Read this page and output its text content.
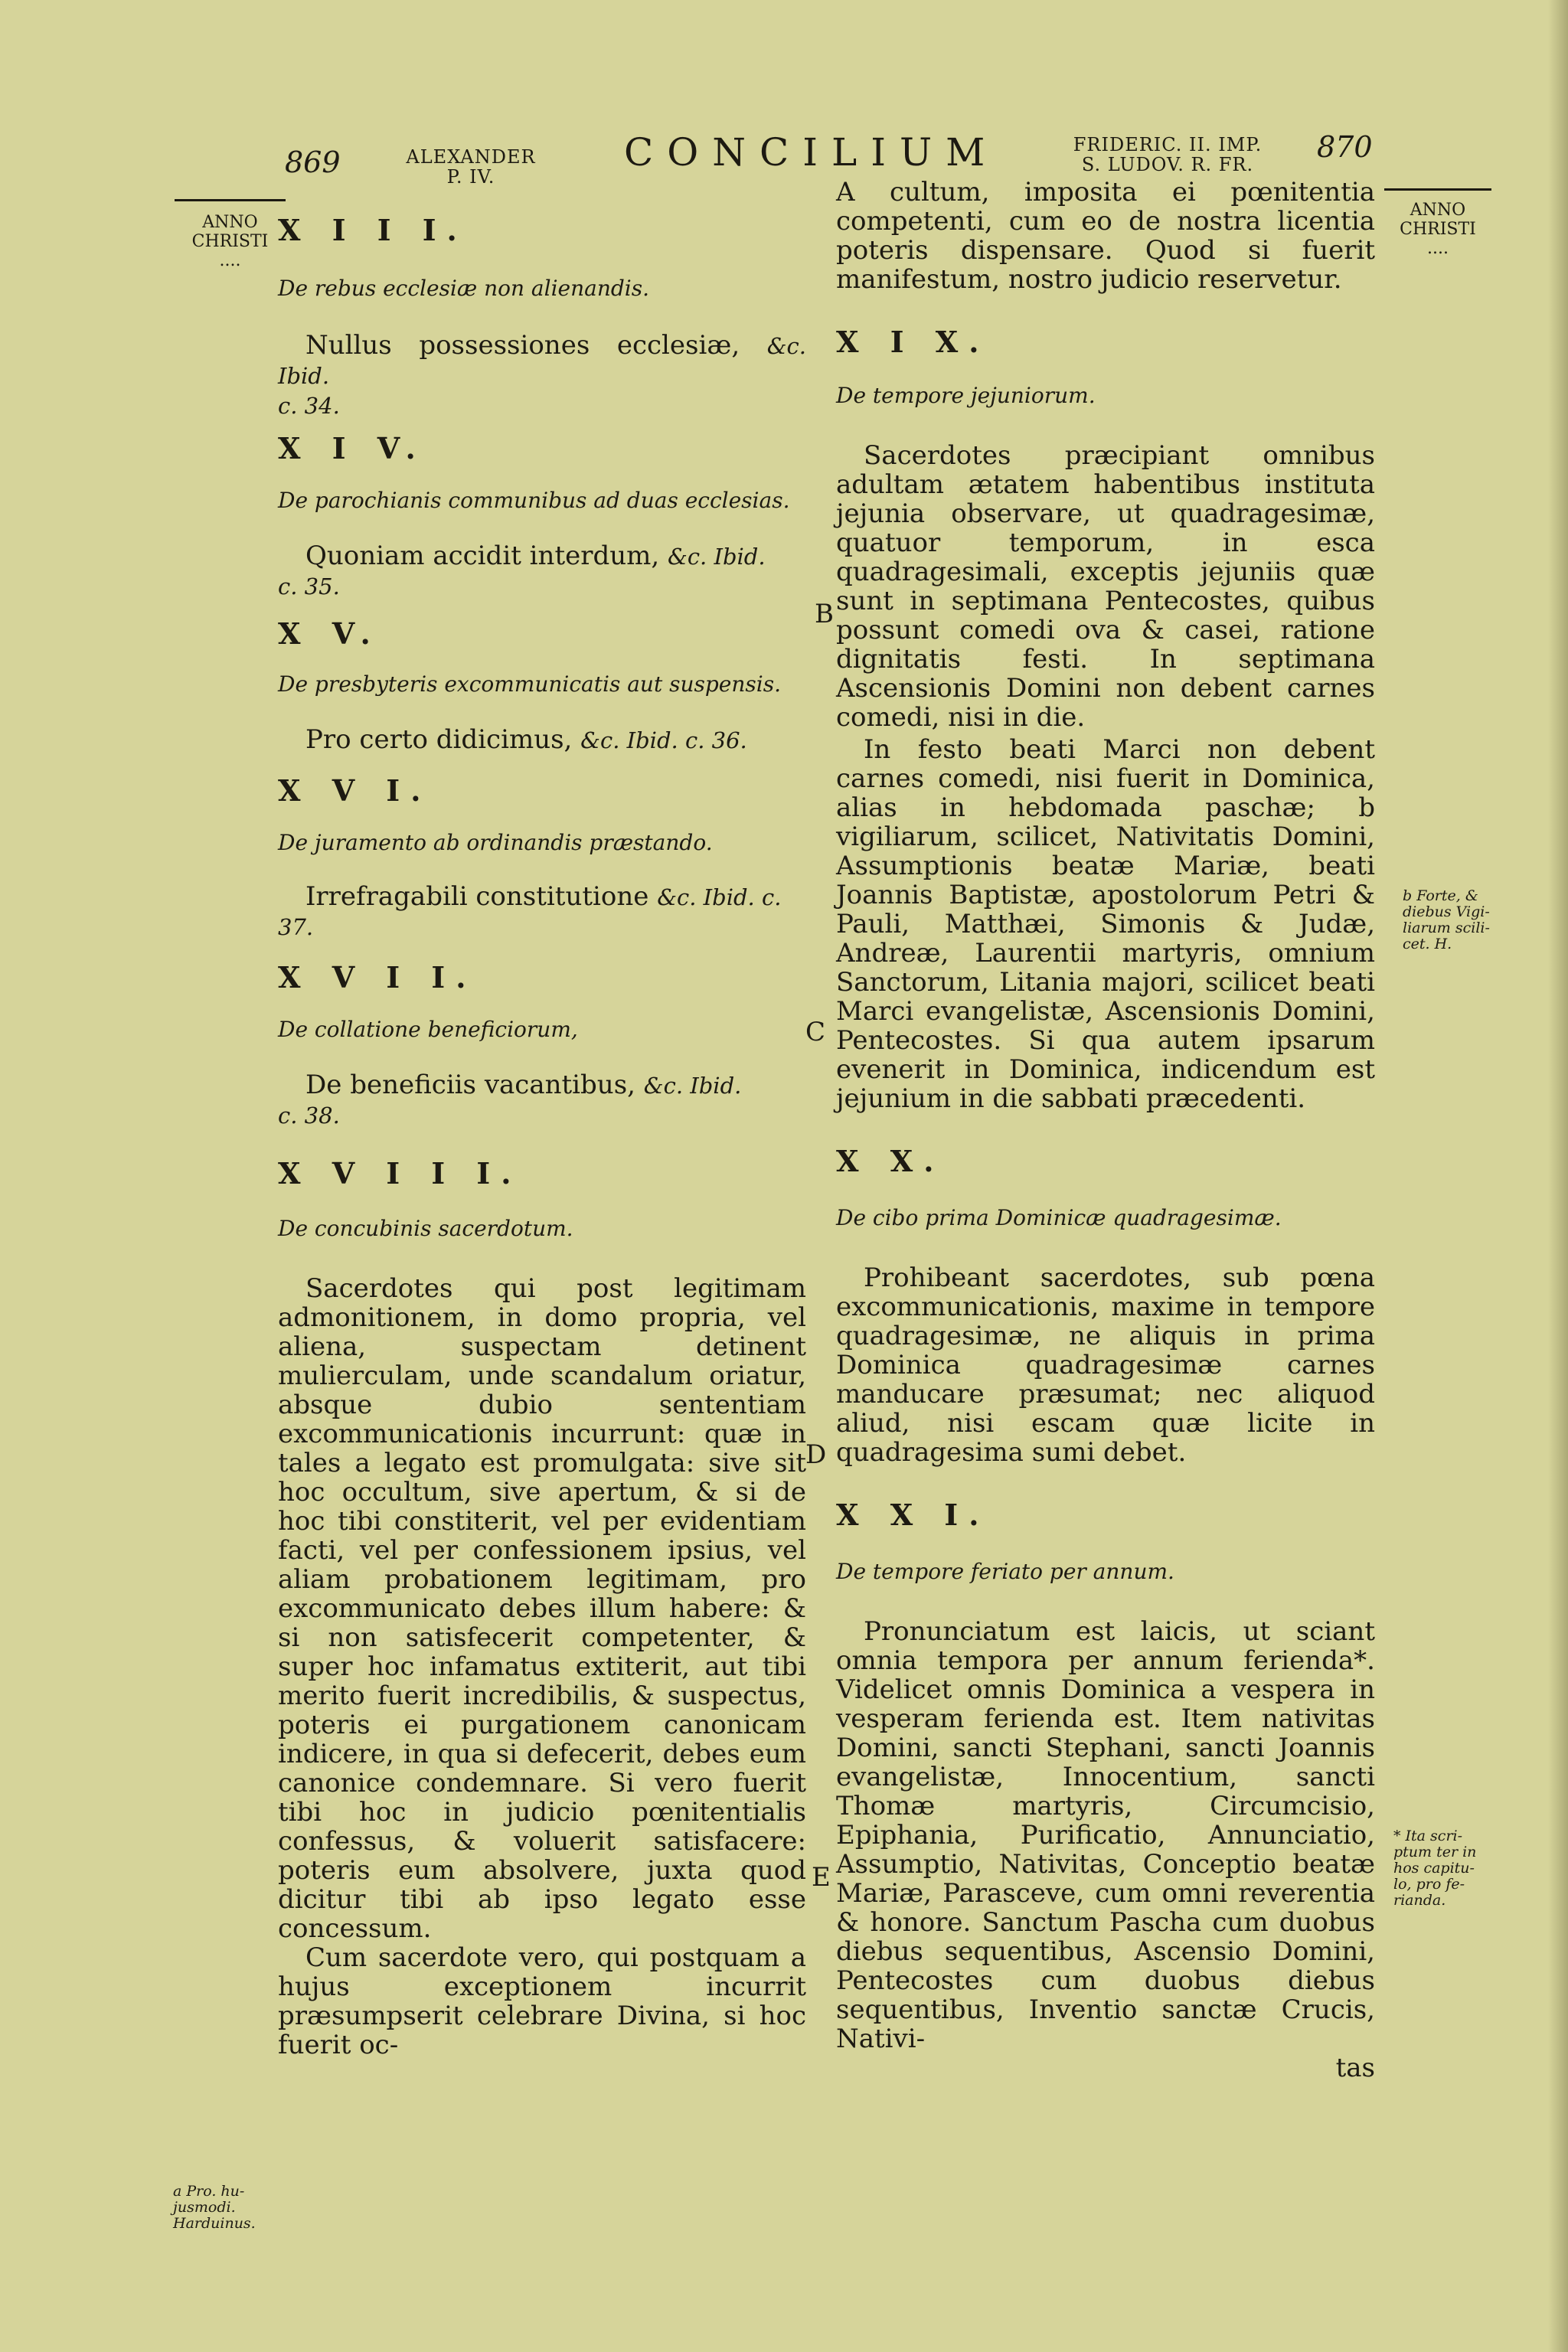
869	ALEXANDER
P. IV.
CONCILIUM	FRIDERIC. II. IMP.
S. LUDOV. R. FR.
870
ANNO
CHRISTI
....
ANNO
CHRISTI
....
B
C
D
E
b Forte, &
diebus Vigi-
liarum scili-
cet. H.
* Ita scri-
ptum ter in
hos capitu-
lo, pro fe-
rianda.
a Pro. hu-
jusmodi.
Harduinus.

X I I I.

De rebus ecclesiæ non alienandis.

Nullus possessiones ecclesiæ, &c. Ibid.
c. 34.

X I V.

De parochianis communibus ad duas ecclesias.

Quoniam accidit interdum, &c. Ibid.
c. 35.

X V.

De presbyteris excommunicatis aut suspensis.

Pro certo didicimus, &c. Ibid. c. 36.

X V I.

De juramento ab ordinandis præstando.

Irrefragabili constitutione &c. Ibid. c.
37.

X V I I.

De collatione beneficiorum,

De beneficiis vacantibus, &c. Ibid.
c. 38.

X V I I I.

De concubinis sacerdotum.

Sacerdotes qui post legitimam admonitionem, in domo propria, vel aliena, suspectam detinent mulierculam, unde scandalum oriatur, absque dubio sententiam excommunicationis incurrunt: quæ in tales a legato est promulgata: sive sit hoc occultum, sive apertum, & si de hoc tibi constiterit, vel per evidentiam facti, vel per confessionem ipsius, vel aliam probationem legitimam, pro excommunicato debes illum habere: & si non satisfecerit competenter, & super hoc infamatus extiterit, aut tibi merito fuerit incredibilis, & suspectus, poteris ei purgationem canonicam indicere, in qua si defecerit, debes eum canonice condemnare. Si vero fuerit tibi hoc in judicio pœnitentialis confessus, & voluerit satisfacere: poteris eum absolvere, juxta quod dicitur tibi ab ipso legato esse concessum.

Cum sacerdote vero, qui postquam a hujus exceptionem incurrit præsumpserit celebrare Divina, si hoc fuerit oc-

A cultum, imposita ei pœnitentia competenti, cum eo de nostra licentia poteris dispensare. Quod si fuerit manifestum, nostro judicio reservetur.

X I X.

De tempore jejuniorum.

Sacerdotes præcipiant omnibus adultam ætatem habentibus instituta jejunia observare, ut quadragesimæ, quatuor temporum, in esca quadragesimali, exceptis jejuniis quæ sunt in septimana Pentecostes, quibus possunt comedi ova & casei, ratione dignitatis festi. In septimana Ascensionis Domini non debent carnes comedi, nisi in die.

In festo beati Marci non debent carnes comedi, nisi fuerit in Dominica, alias in hebdomada paschæ; b vigiliarum, scilicet, Nativitatis Domini, Assumptionis beatæ Mariæ, beati Joannis Baptistæ, apostolorum Petri & Pauli, Matthæi, Simonis & Judæ, Andreæ, Laurentii martyris, omnium Sanctorum, Litania majori, scilicet beati Marci evangelistæ, Ascensionis Domini, Pentecostes. Si qua autem ipsarum evenerit in Dominica, indicendum est jejunium in die sabbati præcedenti.

X X.

De cibo prima Dominicæ quadragesimæ.

Prohibeant sacerdotes, sub pœna excommunicationis, maxime in tempore quadragesimæ, ne aliquis in prima Dominica quadragesimæ carnes manducare præsumat; nec aliquod aliud, nisi escam quæ licite in quadragesima sumi debet.

X X I.

De tempore feriato per annum.

Pronunciatum est laicis, ut sciant omnia tempora per annum ferienda*. Videlicet omnis Dominica a vespera in vesperam ferienda est. Item nativitas Domini, sancti Stephani, sancti Joannis evangelistæ, Innocentium, sancti Thomæ martyris, Circumcisio, Epiphania, Purificatio, Annunciatio, Assumptio, Nativitas, Conceptio beatæ Mariæ, Parasceve, cum omni reverentia & honore. Sanctum Pascha cum duobus diebus sequentibus, Ascensio Domini, Pentecostes cum duobus diebus sequentibus, Inventio sanctæ Crucis, Nativi-

tas
